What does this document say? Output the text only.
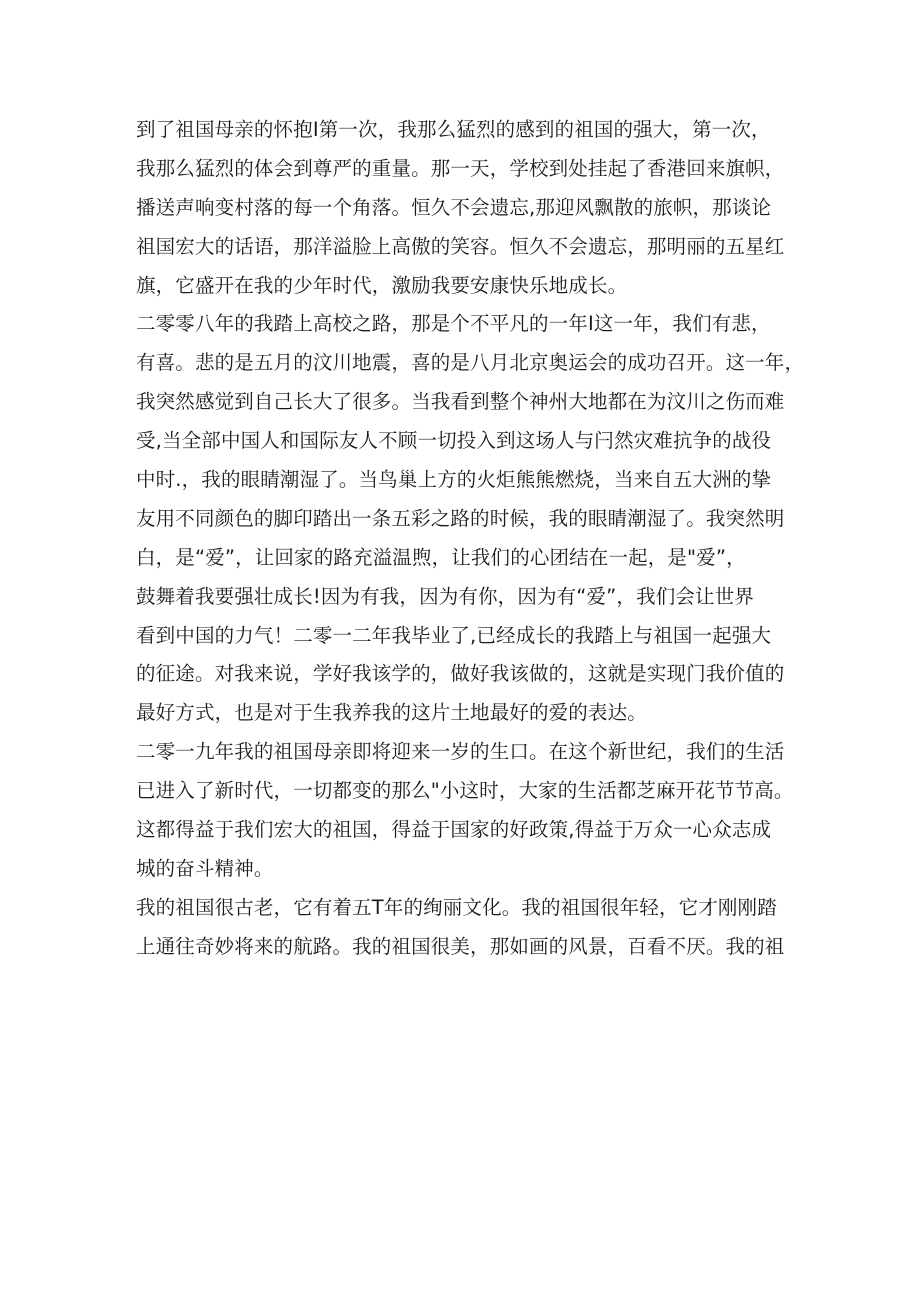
到了祖国母亲的怀抱I第一次，我那么猛烈的感到的祖国的强大，第一次，
我那么猛烈的体会到尊严的重量。那一天，学校到处挂起了香港回来旗帜，
播送声响变村落的每一个角落。恒久不会遗忘,那迎风飘散的旅帜，那谈论
祖国宏大的话语，那洋溢脸上高傲的笑容。恒久不会遗忘，那明丽的五星红
旗，它盛开在我的少年时代，激励我要安康快乐地成长。
二零零八年的我踏上高校之路，那是个不平凡的一年I这一年，我们有悲，
有喜。悲的是五月的汶川地震，喜的是八月北京奥运会的成功召开。这一年，
我突然感觉到自己长大了很多。当我看到整个神州大地都在为汶川之伤而难
受,当全部中国人和国际友人不顾一切投入到这场人与闩然灾难抗争的战役
中时.，我的眼睛潮湿了。当鸟巢上方的火炬熊熊燃烧，当来自五大洲的挚
友用不同颜色的脚印踏出一条五彩之路的时候，我的眼睛潮湿了。我突然明
白，是“爱”，让回家的路充溢温煦，让我们的心团结在一起，是"爱”，
鼓舞着我要强壮成长!因为有我，因为有你，因为有“爱”，我们会让世界
看到中国的力气！二零一二年我毕业了,已经成长的我踏上与祖国一起强大
的征途。对我来说，学好我该学的，做好我该做的，这就是实现门我价值的
最好方式，也是对于生我养我的这片土地最好的爱的表达。
二零一九年我的祖国母亲即将迎来一岁的生口。在这个新世纪，我们的生活
已进入了新时代，一切都变的那么"小这时，大家的生活都芝麻开花节节高。
这都得益于我们宏大的祖国，得益于国家的好政策,得益于万众一心众志成
城的奋斗精神。
我的祖国很古老，它有着五T年的绚丽文化。我的祖国很年轻，它才刚刚踏
上通往奇妙将来的航路。我的祖国很美，那如画的风景，百看不厌。我的祖
